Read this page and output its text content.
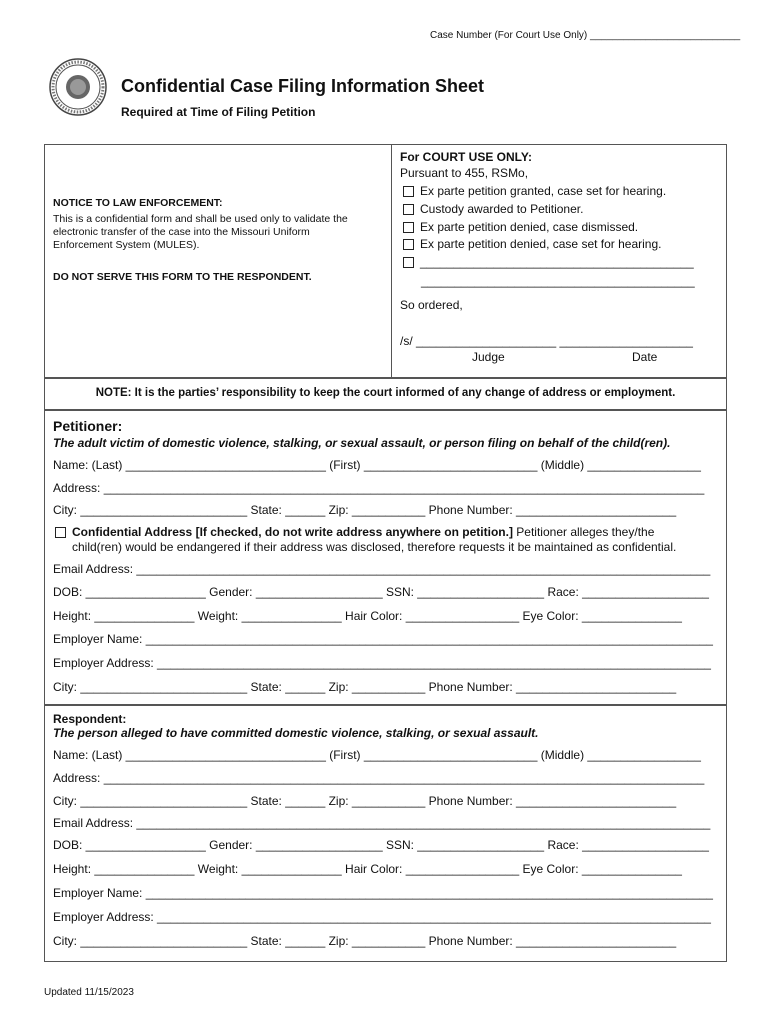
Case Number (For Court Use Only) ___________________________
Confidential Case Filing Information Sheet
Required at Time of Filing Petition
NOTICE TO LAW ENFORCEMENT:
This is a confidential form and shall be used only to validate the
electronic transfer of the case into the Missouri Uniform
Enforcement System (MULES).
DO NOT SERVE THIS FORM TO THE RESPONDENT.
For COURT USE ONLY:
Pursuant to 455, RSMo,
Ex parte petition granted, case set for hearing.
Custody awarded to Petitioner.
Ex parte petition denied, case dismissed.
Ex parte petition denied, case set for hearing.
_________________________________________
_________________________________________
So ordered,
/s/ _____________________ ____________________
Judge	Date
NOTE: It is the parties’ responsibility to keep the court informed of any change of address or employment.
Petitioner:
The adult victim of domestic violence, stalking, or sexual assault, or person filing on behalf of the child(ren).
Name: (Last) ______________________________ (First) __________________________ (Middle) _________________
Address: __________________________________________________________________________________________
City: _________________________ State: ______ Zip: ___________ Phone Number: ________________________
Confidential Address [If checked, do not write address anywhere on petition.] Petitioner alleges they/the
child(ren) would be endangered if their address was disclosed, therefore requests it be maintained as confidential.
Email Address: ______________________________________________________________________________________
DOB: __________________ Gender: ___________________ SSN: ___________________ Race: ___________________
Height: _______________ Weight: _______________ Hair Color: _________________ Eye Color: _______________
Employer Name: _____________________________________________________________________________________
Employer Address: ___________________________________________________________________________________
City: _________________________ State: ______ Zip: ___________ Phone Number: ________________________
Respondent:
The person alleged to have committed domestic violence, stalking, or sexual assault.
Name: (Last) ______________________________ (First) __________________________ (Middle) _________________
Address: __________________________________________________________________________________________
City: _________________________ State: ______ Zip: ___________ Phone Number: ________________________
Email Address: ______________________________________________________________________________________
DOB: __________________ Gender: ___________________ SSN: ___________________ Race: ___________________
Height: _______________ Weight: _______________ Hair Color: _________________ Eye Color: _______________
Employer Name: _____________________________________________________________________________________
Employer Address: ___________________________________________________________________________________
City: _________________________ State: ______ Zip: ___________ Phone Number: ________________________
Updated 11/15/2023
